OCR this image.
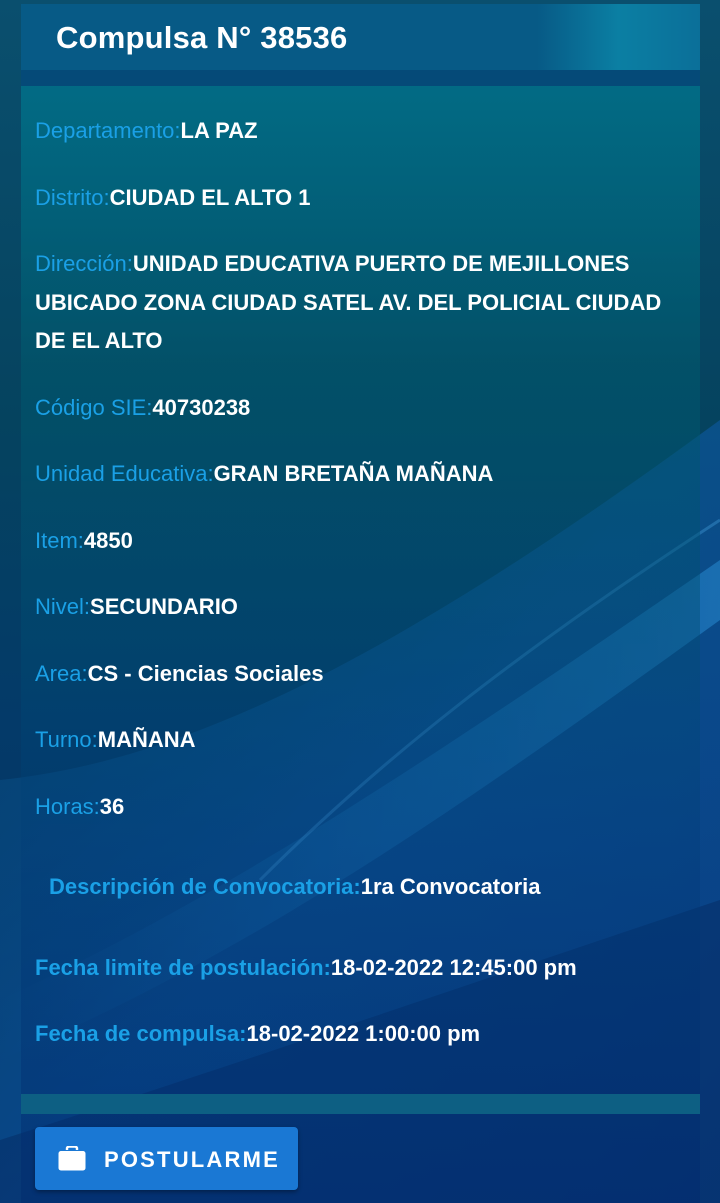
Compulsa N° 38536
Departamento:LA PAZ
Distrito:CIUDAD EL ALTO 1
Dirección:UNIDAD EDUCATIVA PUERTO DE MEJILLONES UBICADO ZONA CIUDAD SATEL AV. DEL POLICIAL CIUDAD DE EL ALTO
Código SIE:40730238
Unidad Educativa:GRAN BRETAÑA MAÑANA
Item:4850
Nivel:SECUNDARIO
Area:CS - Ciencias Sociales
Turno:MAÑANA
Horas:36
Descripción de Convocatoria:1ra Convocatoria
Fecha limite de postulación:18-02-2022 12:45:00 pm
Fecha de compulsa:18-02-2022 1:00:00 pm
POSTULARME
